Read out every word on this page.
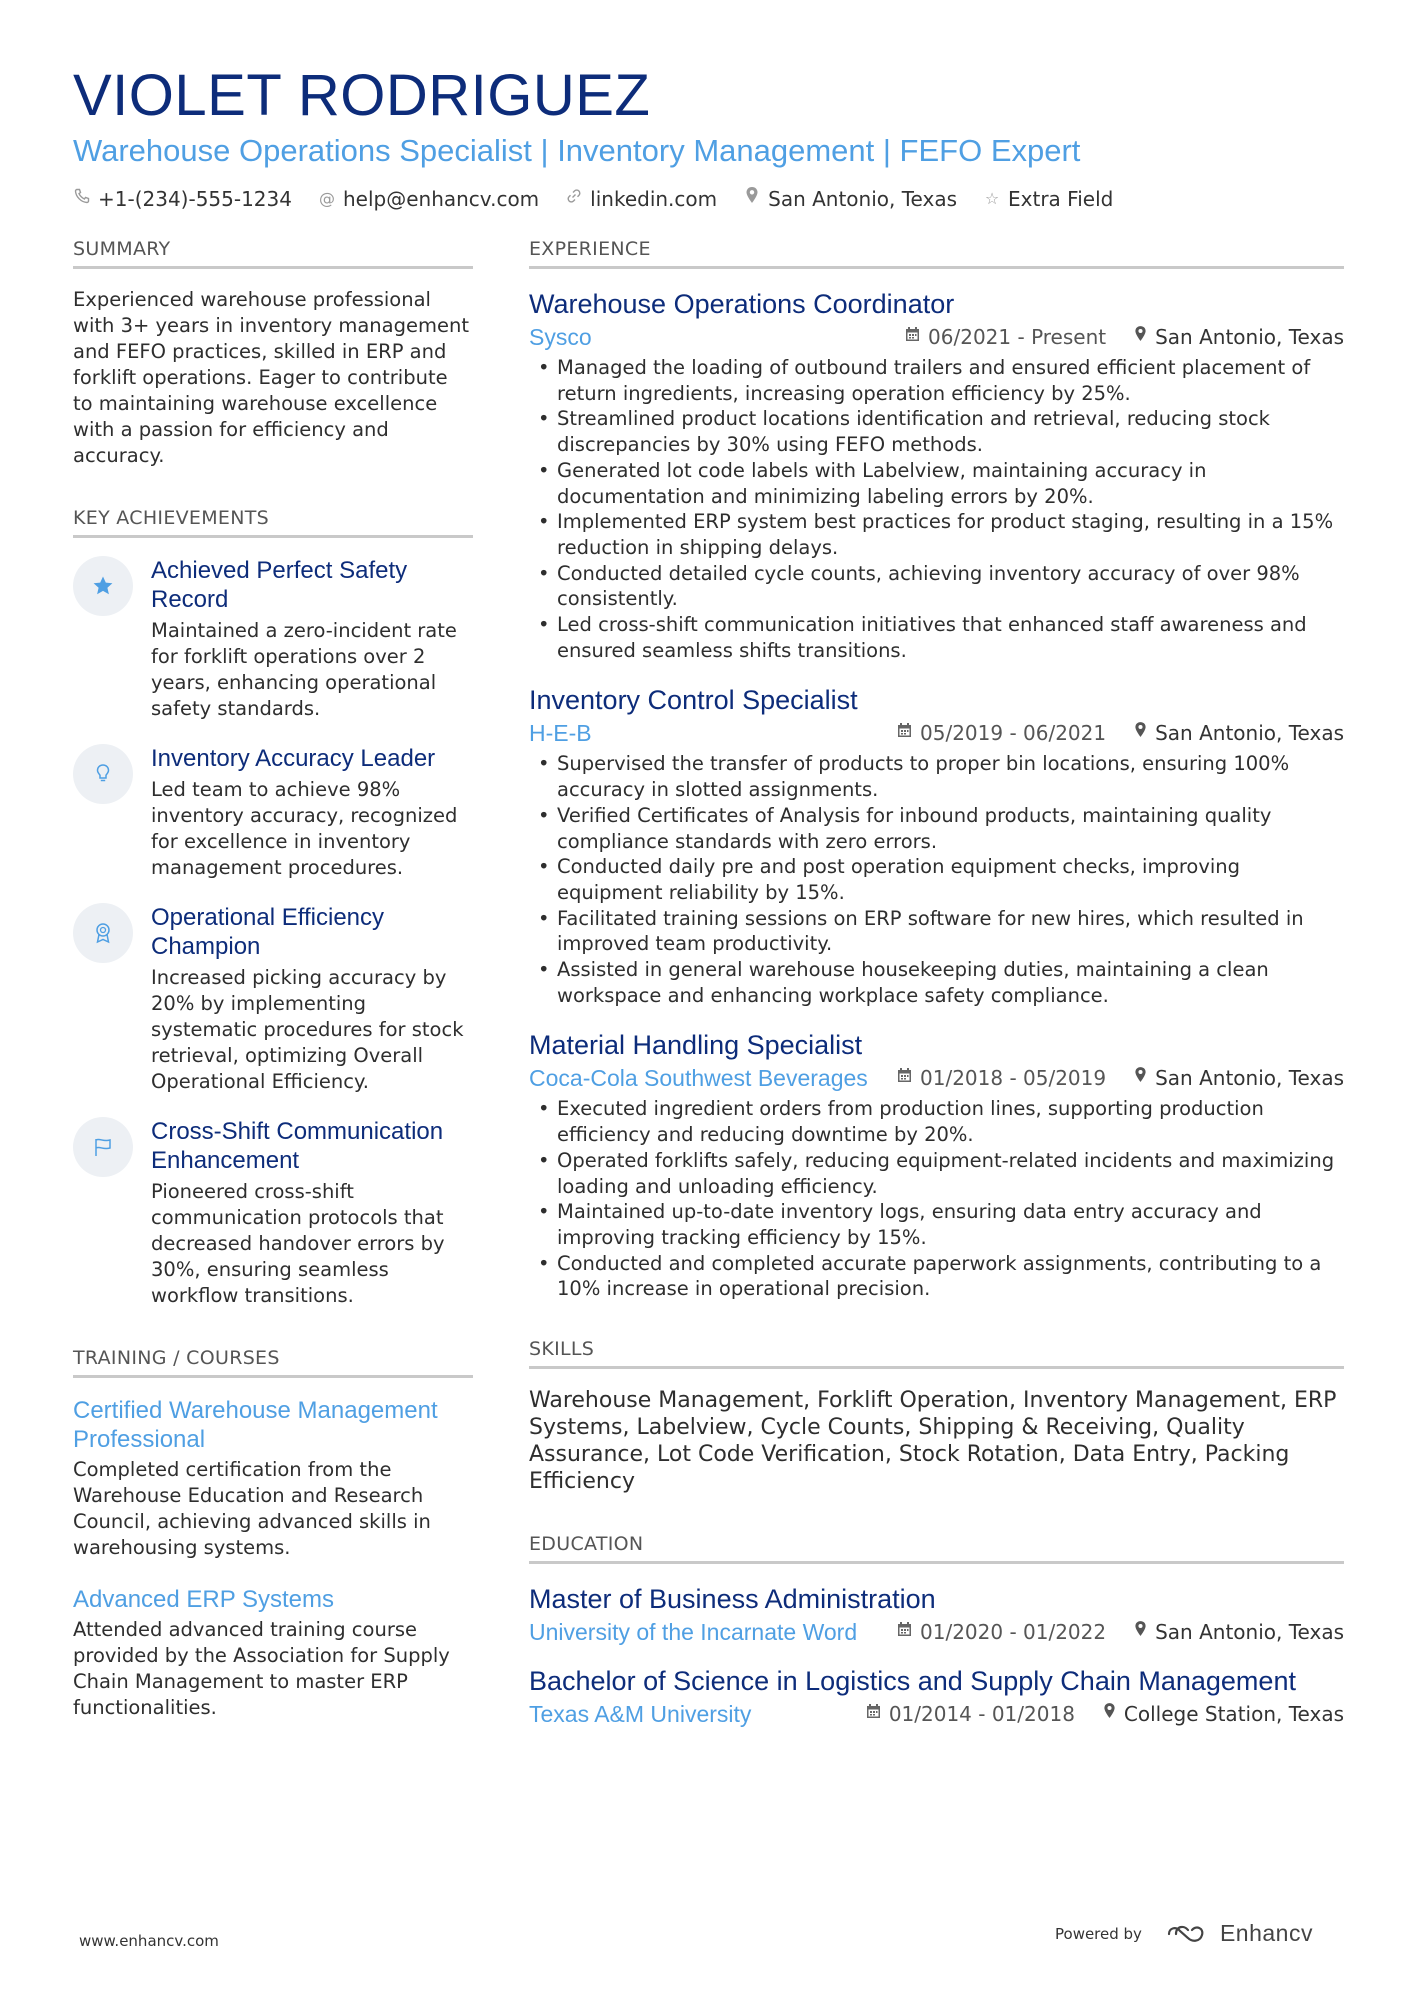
VIOLET RODRIGUEZ
Warehouse Operations Specialist | Inventory Management | FEFO Expert
+1-(234)-555-1234 @ help@enhancv.com	linkedin.com	San Antonio, Texas ☆ Extra Field
SUMMARY
Experienced warehouse professional with 3+ years in inventory management and FEFO practices, skilled in ERP and forklift operations. Eager to contribute to maintaining warehouse excellence with a passion for efficiency and accuracy.
KEY ACHIEVEMENTS
Achieved Perfect Safety Record
Maintained a zero-incident rate for forklift operations over 2 years, enhancing operational safety standards.
Inventory Accuracy Leader
Led team to achieve 98% inventory accuracy, recognized for excellence in inventory management procedures.
Operational Efficiency Champion
Increased picking accuracy by 20% by implementing systematic procedures for stock retrieval, optimizing Overall Operational Efficiency.
Cross-Shift Communication Enhancement
Pioneered cross-shift communication protocols that decreased handover errors by 30%, ensuring seamless workflow transitions.
TRAINING / COURSES
Certified Warehouse Management Professional
Completed certification from the Warehouse Education and Research Council, achieving advanced skills in warehousing systems.
Advanced ERP Systems
Attended advanced training course provided by the Association for Supply Chain Management to master ERP functionalities.
EXPERIENCE
Warehouse Operations Coordinator
Sysco	06/2021 - Present San Antonio, Texas
• Managed the loading of outbound trailers and ensured efficient placement of return ingredients, increasing operation efficiency by 25%.
• Streamlined product locations identification and retrieval, reducing stock discrepancies by 30% using FEFO methods.
• Generated lot code labels with Labelview, maintaining accuracy in documentation and minimizing labeling errors by 20%.
• Implemented ERP system best practices for product staging, resulting in a 15% reduction in shipping delays.
• Conducted detailed cycle counts, achieving inventory accuracy of over 98% consistently.
• Led cross-shift communication initiatives that enhanced staff awareness and ensured seamless shifts transitions.
Inventory Control Specialist
H-E-B	05/2019 - 06/2021 San Antonio, Texas
• Supervised the transfer of products to proper bin locations, ensuring 100% accuracy in slotted assignments.
• Verified Certificates of Analysis for inbound products, maintaining quality compliance standards with zero errors.
• Conducted daily pre and post operation equipment checks, improving equipment reliability by 15%.
• Facilitated training sessions on ERP software for new hires, which resulted in improved team productivity.
• Assisted in general warehouse housekeeping duties, maintaining a clean workspace and enhancing workplace safety compliance.
Material Handling Specialist
Coca-Cola Southwest Beverages	01/2018 - 05/2019 San Antonio, Texas
• Executed ingredient orders from production lines, supporting production efficiency and reducing downtime by 20%.
• Operated forklifts safely, reducing equipment-related incidents and maximizing loading and unloading efficiency.
• Maintained up-to-date inventory logs, ensuring data entry accuracy and improving tracking efficiency by 15%.
• Conducted and completed accurate paperwork assignments, contributing to a 10% increase in operational precision.
SKILLS
Warehouse Management, Forklift Operation, Inventory Management, ERP Systems, Labelview, Cycle Counts, Shipping & Receiving, Quality Assurance, Lot Code Verification, Stock Rotation, Data Entry, Packing Efficiency
EDUCATION
Master of Business Administration
University of the Incarnate Word	01/2020 - 01/2022 San Antonio, Texas
Bachelor of Science in Logistics and Supply Chain Management
Texas A&M University	01/2014 - 01/2018 College Station, Texas
www.enhancv.com	Powered by	Enhancv
